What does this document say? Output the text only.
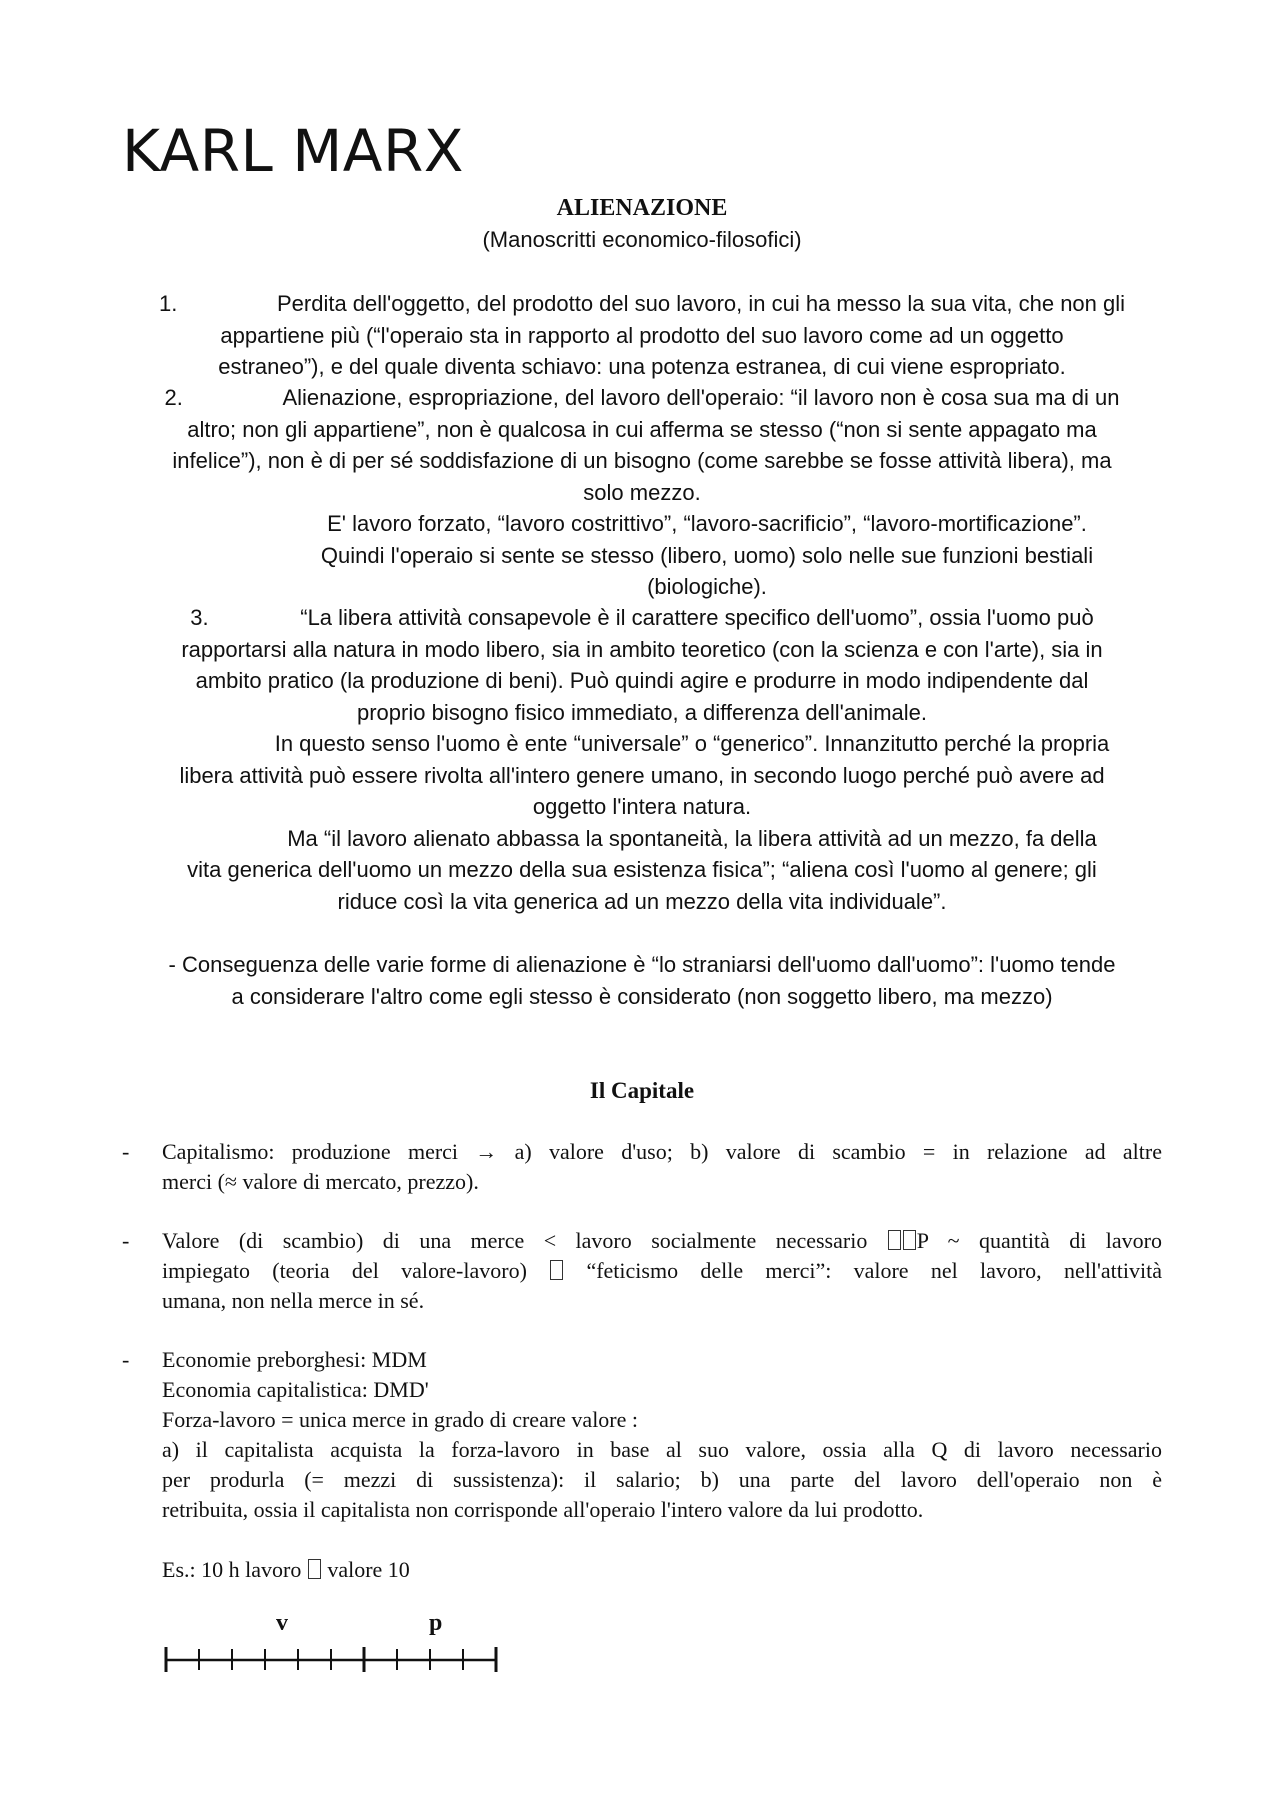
KARL MARX
ALIENAZIONE
(Manoscritti economico-filosofici)
1.	Perdita dell'oggetto, del prodotto del suo lavoro, in cui ha messo la sua vita, che non gli
appartiene più (“l'operaio sta in rapporto al prodotto del suo lavoro come ad un oggetto
estraneo”), e del quale diventa schiavo: una potenza estranea, di cui viene espropriato.
2.	Alienazione, espropriazione, del lavoro dell'operaio: “il lavoro non è cosa sua ma di un
altro; non gli appartiene”, non è qualcosa in cui afferma se stesso (“non si sente appagato ma
infelice”), non è di per sé soddisfazione di un bisogno (come sarebbe se fosse attività libera), ma
solo mezzo.
E' lavoro forzato, “lavoro costrittivo”, “lavoro-sacrificio”, “lavoro-mortificazione”.
Quindi l'operaio si sente se stesso (libero, uomo) solo nelle sue funzioni bestiali
(biologiche).
3.	“La libera attività consapevole è il carattere specifico dell'uomo”, ossia l'uomo può
rapportarsi alla natura in modo libero, sia in ambito teoretico (con la scienza e con l'arte), sia in
ambito pratico (la produzione di beni). Può quindi agire e produrre in modo indipendente dal
proprio bisogno fisico immediato, a differenza dell'animale.
In questo senso l'uomo è ente “universale” o “generico”. Innanzitutto perché la propria
libera attività può essere rivolta all'intero genere umano, in secondo luogo perché può avere ad
oggetto l'intera natura.
Ma “il lavoro alienato abbassa la spontaneità, la libera attività ad un mezzo, fa della
vita generica dell'uomo un mezzo della sua esistenza fisica”; “aliena così l'uomo al genere; gli
riduce così la vita generica ad un mezzo della vita individuale”.
- Conseguenza delle varie forme di alienazione è “lo straniarsi dell'uomo dall'uomo”: l'uomo tende
a considerare l'altro come egli stesso è considerato (non soggetto libero, ma mezzo)
Il Capitale
- Capitalismo: produzione merci → a) valore d'uso; b) valore di scambio = in relazione ad altre
merci (≈ valore di mercato, prezzo).
- Valore (di scambio) di una merce < lavoro socialmente necessario P ~ quantità di lavoro
impiegato (teoria del valore-lavoro)  “feticismo delle merci”: valore nel lavoro, nell'attività
umana, non nella merce in sé.
- Economie preborghesi: MDM
Economia capitalistica: DMD'
Forza-lavoro = unica merce in grado di creare valore :
a) il capitalista acquista la forza-lavoro in base al suo valore, ossia alla Q di lavoro necessario
per produrla (= mezzi di sussistenza): il salario; b) una parte del lavoro dell'operaio non è
retribuita, ossia il capitalista non corrisponde all'operaio l'intero valore da lui prodotto.
Es.: 10 h lavoro  valore 10
v	p
